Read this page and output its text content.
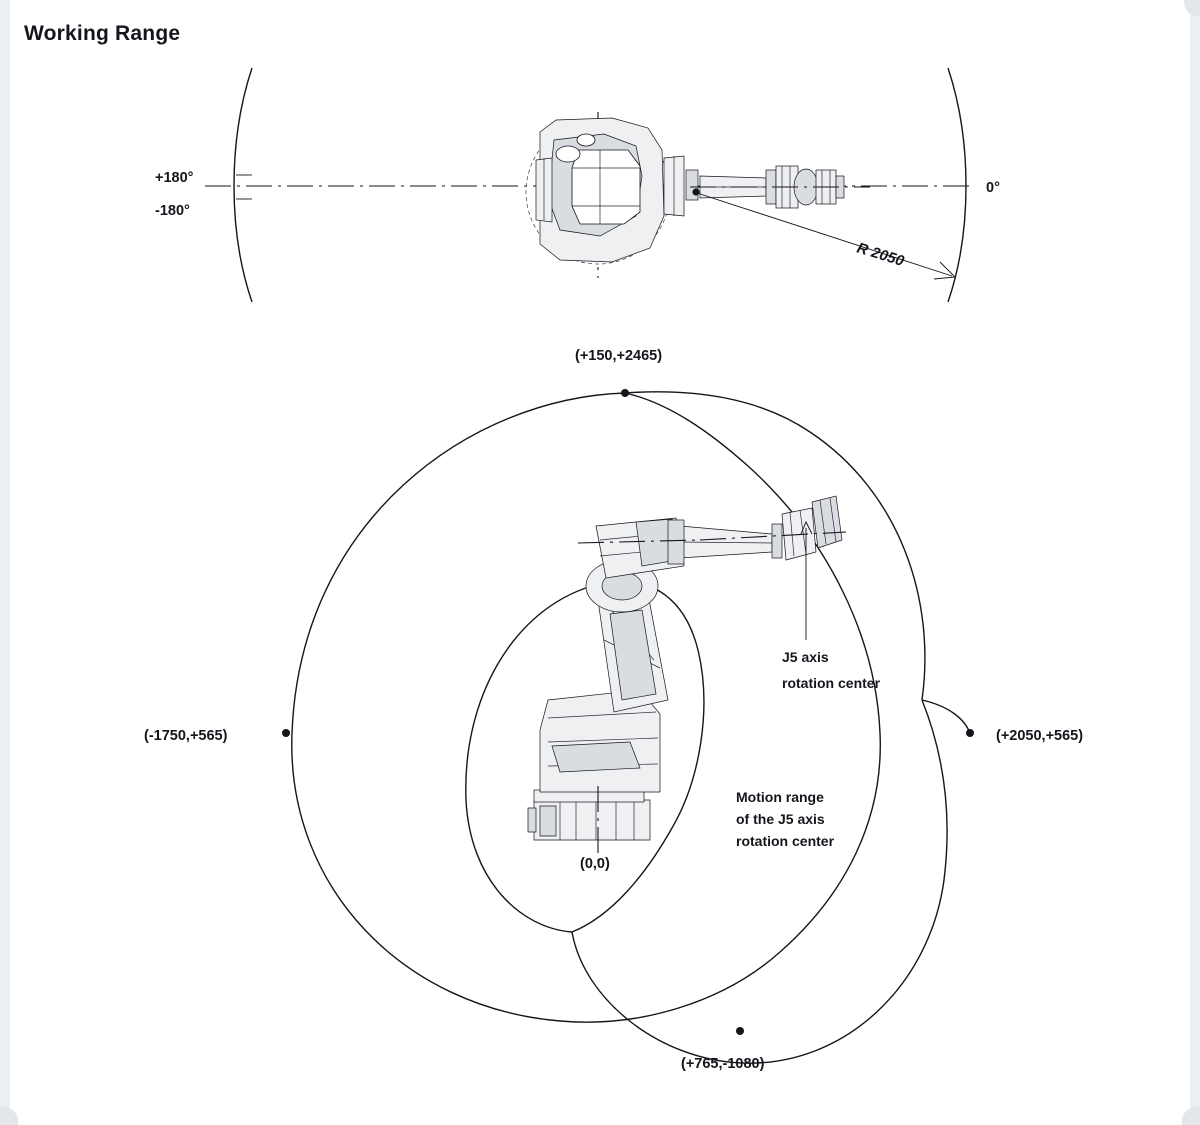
Working Range
+180°
-180°
0°
R 2050
(+150,+2465)
(-1750,+565)	(+2050,+565)
(+765,-1080)
(0,0)
J5 axis
rotation center
Motion range
of the J5 axis
rotation center
